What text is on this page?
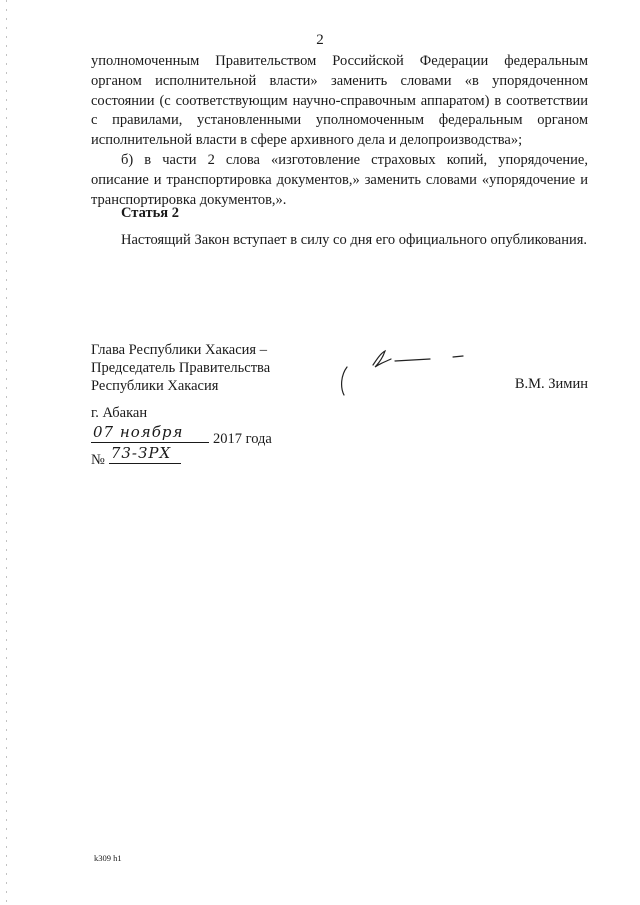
2

уполномоченным Правительством Российской Федерации федеральным органом исполнительной власти» заменить словами «в упорядоченном состоянии (с соответствующим научно-справочным аппаратом) в соответствии с правилами, установленными уполномоченным федеральным органом исполнительной власти в сфере архивного дела и делопроизводства»;

б) в части 2 слова «изготовление страховых копий, упорядочение, описание и транспортировка документов,» заменить словами «упорядочение и транспортировка документов,».

Статья 2
Настоящий Закон вступает в силу со дня его официального опубликования.
Глава Республики Хакасия –
Председатель Правительства
Республики Хакасия	В.М. Зимин
г. Абакан
07 ноября 2017 года
№ 73-ЗРХ
k309 h1
